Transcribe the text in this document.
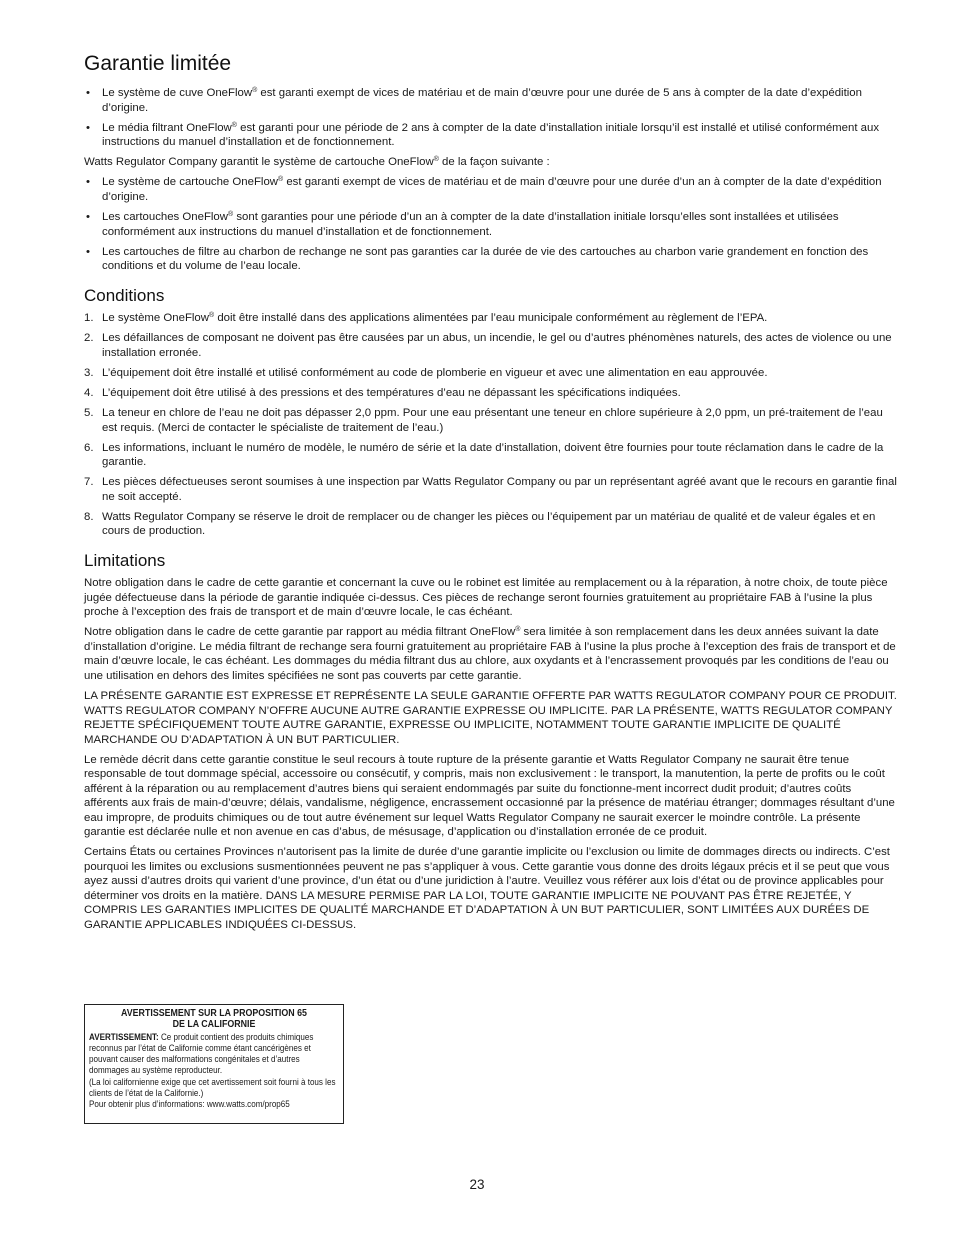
Garantie limitée
• Le système de cuve OneFlow® est garanti exempt de vices de matériau et de main d’œuvre pour une durée de 5 ans à compter de la date d’expédition d’origine.
• Le média filtrant OneFlow® est garanti pour une période de 2 ans à compter de la date d’installation initiale lorsqu’il est installé et utilisé conformément aux instructions du manuel d’installation et de fonctionnement.

Watts Regulator Company garantit le système de cartouche OneFlow® de la façon suivante :

• Le système de cartouche OneFlow® est garanti exempt de vices de matériau et de main d’œuvre pour une durée d’un an à compter de la date d’expédition d’origine.
• Les cartouches OneFlow® sont garanties pour une période d’un an à compter de la date d’installation initiale lorsqu’elles sont installées et utilisées conformément aux instructions du manuel d’installation et de fonctionnement.
• Les cartouches de filtre au charbon de rechange ne sont pas garanties car la durée de vie des cartouches au charbon varie grandement en fonction des conditions et du volume de l’eau locale.
Conditions
1. Le système OneFlow® doit être installé dans des applications alimentées par l’eau municipale conformément au règlement de l’EPA.
2. Les défaillances de composant ne doivent pas être causées par un abus, un incendie, le gel ou d’autres phénomènes naturels, des actes de violence ou une installation erronée.
3. L’équipement doit être installé et utilisé conformément au code de plomberie en vigueur et avec une alimentation en eau approuvée.
4. L’équipement doit être utilisé à des pressions et des températures d’eau ne dépassant les spécifications indiquées.
5. La teneur en chlore de l’eau ne doit pas dépasser 2,0 ppm. Pour une eau présentant une teneur en chlore supérieure à 2,0 ppm, un pré-traitement de l’eau est requis. (Merci de contacter le spécialiste de traitement de l’eau.)
6. Les informations, incluant le numéro de modèle, le numéro de série et la date d’installation, doivent être fournies pour toute réclamation dans le cadre de la garantie.
7. Les pièces défectueuses seront soumises à une inspection par Watts Regulator Company ou par un représentant agréé avant que le recours en garantie final ne soit accepté.
8. Watts Regulator Company se réserve le droit de remplacer ou de changer les pièces ou l’équipement par un matériau de qualité et de valeur égales et en cours de production.
Limitations

Notre obligation dans le cadre de cette garantie et concernant la cuve ou le robinet est limitée au remplacement ou à la réparation, à notre choix, de toute pièce jugée défectueuse dans la période de garantie indiquée ci-dessus. Ces pièces de rechange seront fournies gratuitement au propriétaire FAB à l’usine la plus proche à l’exception des frais de transport et de main d’œuvre locale, le cas échéant.

Notre obligation dans le cadre de cette garantie par rapport au média filtrant OneFlow® sera limitée à son remplacement dans les deux années suivant la date d’installation d’origine. Le média filtrant de rechange sera fourni gratuitement au propriétaire FAB à l’usine la plus proche à l’exception des frais de transport et de main d’œuvre locale, le cas échéant. Les dommages du média filtrant dus au chlore, aux oxydants et à l’encrassement provoqués par les conditions de l’eau ou une utilisation en dehors des limites spécifiées ne sont pas couverts par cette garantie.

LA PRÉSENTE GARANTIE EST EXPRESSE ET REPRÉSENTE LA SEULE GARANTIE OFFERTE PAR WATTS REGULATOR COMPANY POUR CE PRODUIT. WATTS REGULATOR COMPANY N’OFFRE AUCUNE AUTRE GARANTIE EXPRESSE OU IMPLICITE. PAR LA PRÉSENTE, WATTS REGULATOR COMPANY REJETTE SPÉCIFIQUEMENT TOUTE AUTRE GARANTIE, EXPRESSE OU IMPLICITE, NOTAMMENT TOUTE GARANTIE IMPLICITE DE QUALITÉ MARCHANDE OU D’ADAPTATION À UN BUT PARTICULIER.

Le remède décrit dans cette garantie constitue le seul recours à toute rupture de la présente garantie et Watts Regulator Company ne saurait être tenue responsable de tout dommage spécial, accessoire ou consécutif, y compris, mais non exclusivement : le transport, la manutention, la perte de profits ou le coût afférent à la réparation ou au remplacement d’autres biens qui seraient endommagés par suite du fonctionne-ment incorrect dudit produit; d’autres coûts afférents aux frais de main-d’œuvre; délais, vandalisme, négligence, encrassement occasionné par la présence de matériau étranger; dommages résultant d’une eau impropre, de produits chimiques ou de tout autre événement sur lequel Watts Regulator Company ne saurait exercer le moindre contrôle. La présente garantie est déclarée nulle et non avenue en cas d’abus, de mésusage, d’application ou d’installation erronée de ce produit.

Certains États ou certaines Provinces n’autorisent pas la limite de durée d’une garantie implicite ou l’exclusion ou limite de dommages directs ou indirects. C’est pourquoi les limites ou exclusions susmentionnées peuvent ne pas s’appliquer à vous. Cette garantie vous donne des droits légaux précis et il se peut que vous ayez aussi d’autres droits qui varient d’une province, d’un état ou d’une juridiction à l’autre. Veuillez vous référer aux lois d’état ou de province applicables pour déterminer vos droits en la matière. DANS LA MESURE PERMISE PAR LA LOI, TOUTE GARANTIE IMPLICITE NE POUVANT PAS ÊTRE REJETÉE, Y COMPRIS LES GARANTIES IMPLICITES DE QUALITÉ MARCHANDE ET D’ADAPTATION À UN BUT PARTICULIER, SONT LIMITÉES AUX DURÉES DE GARANTIE APPLICABLES INDIQUÉES CI-DESSUS.

AVERTISSEMENT SUR LA PROPOSITION 65
DE LA CALIFORNIE
AVERTISSEMENT: Ce produit contient des produits chimiques reconnus par l’état de Californie comme étant cancérigènes et pouvant causer des malformations congénitales et d’autres dommages au système reproducteur.
(La loi californienne exige que cet avertissement soit fourni à tous les clients de l’état de la Californie.)
Pour obtenir plus d’informations: www.watts.com/prop65
23
